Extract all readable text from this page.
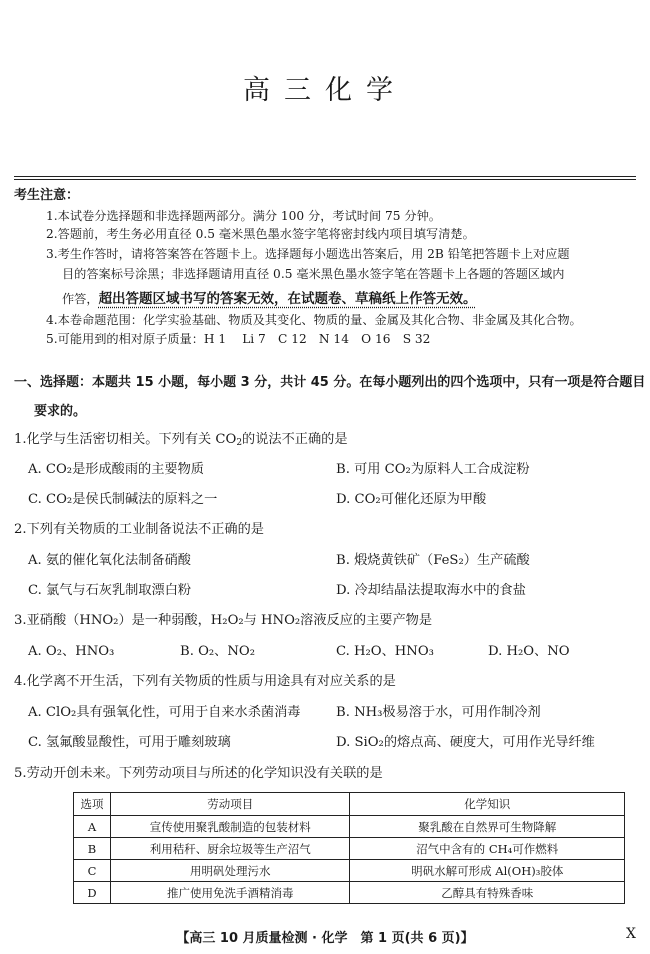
高三化学
考生注意：
1.本试卷分选择题和非选择题两部分。满分 100 分，考试时间 75 分钟。
2.答题前，考生务必用直径 0.5 毫米黑色墨水签字笔将密封线内项目填写清楚。
3.考生作答时，请将答案答在答题卡上。选择题每小题选出答案后，用 2B 铅笔把答题卡上对应题
目的答案标号涂黑；非选择题请用直径 0.5 毫米黑色墨水签字笔在答题卡上各题的答题区域内
作答，超出答题区域书写的答案无效，在试题卷、草稿纸上作答无效。
4.本卷命题范围：化学实验基础、物质及其变化、物质的量、金属及其化合物、非金属及其化合物。
5.可能用到的相对原子质量：H 1　 Li 7　C 12　N 14　O 16　S 32
一、选择题：本题共 15 小题，每小题 3 分，共计 45 分。在每小题列出的四个选项中，只有一项是符合题目
要求的。
1.化学与生活密切相关。下列有关 $CO_2$的说法不正确的是
A. CO₂是形成酸雨的主要物质	B. 可用 CO₂为原料人工合成淀粉
C. CO₂是侯氏制碱法的原料之一	D. CO₂可催化还原为甲酸
2.下列有关物质的工业制备说法不正确的是
A. 氨的催化氧化法制备硝酸	B. 煅烧黄铁矿（FeS₂）生产硫酸
C. 氯气与石灰乳制取漂白粉	D. 冷却结晶法提取海水中的食盐
3.亚硝酸（HNO₂）是一种弱酸，H₂O₂与 HNO₂溶液反应的主要产物是
A. O₂、HNO₃	B. O₂、NO₂	C. H₂O、HNO₃	D. H₂O、NO
4.化学离不开生活，下列有关物质的性质与用途具有对应关系的是
A. ClO₂具有强氧化性，可用于自来水杀菌消毒	B. NH₃极易溶于水，可用作制冷剂
C. 氢氟酸显酸性，可用于雕刻玻璃	D. SiO₂的熔点高、硬度大，可用作光导纤维
5.劳动开创未来。下列劳动项目与所述的化学知识没有关联的是
选项	劳动项目	化学知识
A	宣传使用聚乳酸制造的包装材料	聚乳酸在自然界可生物降解
B	利用秸秆、厨余垃圾等生产沼气	沼气中含有的 CH₄可作燃料
C	用明矾处理污水	明矾水解可形成 Al(OH)₃胶体
D	推广使用免洗手酒精消毒	乙醇具有特殊香味
【高三 10 月质量检测 · 化学　第 1 页(共 6 页)】	X
